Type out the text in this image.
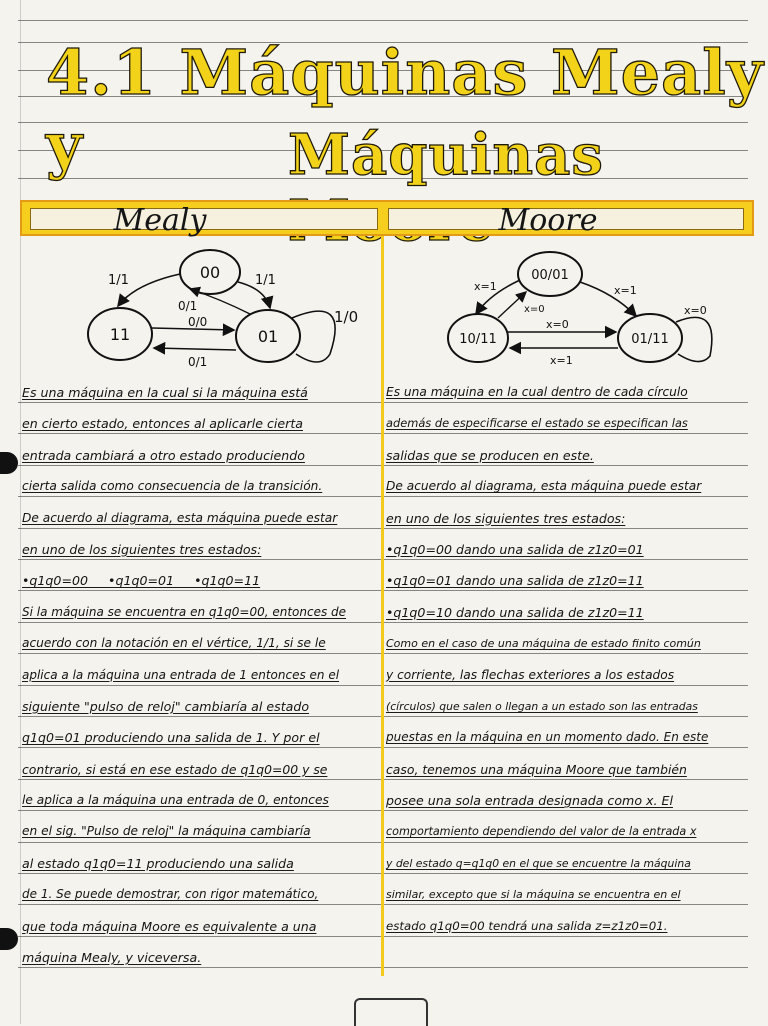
4.1 Máquinas Mealy y	Máquinas
Mealy	Moore
00
11	01
1/1	1/1
0/1
0/0	1/0
0/1
00/01
10/11	01/11
x=1	x=1
x=0
x=0
x=0
x=1
Es una máquina en la cual si la máquina está
en cierto estado, entonces al aplicarle cierta
entrada cambiará a otro estado produciendo
cierta salida como consecuencia de la transición.
De acuerdo al diagrama, esta máquina puede estar
en uno de los siguientes tres estados:
•q1q0=00     •q1q0=01     •q1q0=11
Si la máquina se encuentra en q1q0=00, entonces de
acuerdo con la notación en el vértice, 1/1, si se le
aplica a la máquina una entrada de 1 entonces en el
siguiente "pulso de reloj" cambiaría al estado
q1q0=01 produciendo una salida de 1. Y por el
contrario, si está en ese estado de q1q0=00 y se
le aplica a la máquina una entrada de 0, entonces
en el sig. "Pulso de reloj" la máquina cambiaría
al estado q1q0=11 produciendo una salida
de 1. Se puede demostrar, con rigor matemático,
que toda máquina Moore es equivalente a una
máquina Mealy, y viceversa.
Es una máquina en la cual dentro de cada círculo
además de especificarse el estado se especifican las
salidas que se producen en este.
De acuerdo al diagrama, esta máquina puede estar
en uno de los siguientes tres estados:
•q1q0=00 dando una salida de z1z0=01
•q1q0=01 dando una salida de z1z0=11
•q1q0=10 dando una salida de z1z0=11
Como en el caso de una máquina de estado finito común
y corriente, las flechas exteriores a los estados
(círculos) que salen o llegan a un estado son las entradas
puestas en la máquina en un momento dado. En este
caso, tenemos una máquina Moore que también
posee una sola entrada designada como x. El
comportamiento dependiendo del valor de la entrada x
y del estado q=q1q0 en el que se encuentre la máquina
similar, excepto que si la máquina se encuentra en el
estado q1q0=00 tendrá una salida z=z1z0=01.
